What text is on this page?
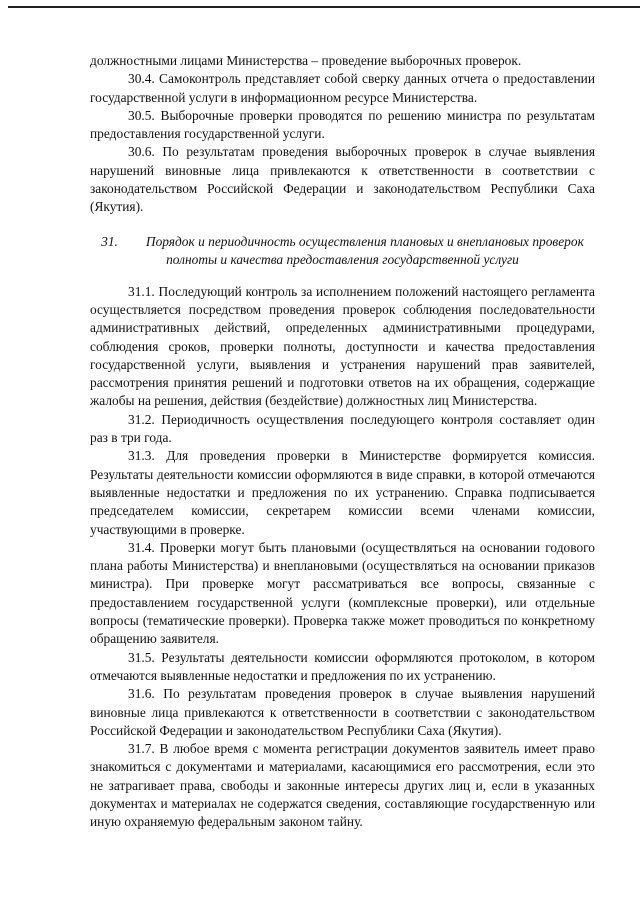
должностными лицами Министерства – проведение выборочных проверок.

30.4. Самоконтроль представляет собой сверку данных отчета о предоставлении государственной услуги в информационном ресурсе Министерства.

30.5. Выборочные проверки проводятся по решению министра по результатам предоставления государственной услуги.

30.6. По результатам проведения выборочных проверок в случае выявления нарушений виновные лица привлекаются к ответственности в соответствии с законодательством Российской Федерации и законодательством Республики Саха (Якутия).

31. Порядок и периодичность осуществления плановых и внеплановых проверок полноты и качества предоставления государственной услуги

31.1. Последующий контроль за исполнением положений настоящего регламента осуществляется посредством проведения проверок соблюдения последовательности административных действий, определенных административными процедурами, соблюдения сроков, проверки полноты, доступности и качества предоставления государственной услуги, выявления и устранения нарушений прав заявителей, рассмотрения принятия решений и подготовки ответов на их обращения, содержащие жалобы на решения, действия (бездействие) должностных лиц Министерства.

31.2. Периодичность осуществления последующего контроля составляет один раз в три года.

31.3. Для проведения проверки в Министерстве формируется комиссия. Результаты деятельности комиссии оформляются в виде справки, в которой отмечаются выявленные недостатки и предложения по их устранению. Справка подписывается председателем комиссии, секретарем комиссии всеми членами комиссии, участвующими в проверке.

31.4. Проверки могут быть плановыми (осуществляться на основании годового плана работы Министерства) и внеплановыми (осуществляться на основании приказов министра). При проверке могут рассматриваться все вопросы, связанные с предоставлением государственной услуги (комплексные проверки), или отдельные вопросы (тематические проверки). Проверка также может проводиться по конкретному обращению заявителя.

31.5. Результаты деятельности комиссии оформляются протоколом, в котором отмечаются выявленные недостатки и предложения по их устранению.

31.6. По результатам проведения проверок в случае выявления нарушений виновные лица привлекаются к ответственности в соответствии с законодательством Российской Федерации и законодательством Республики Саха (Якутия).

31.7. В любое время с момента регистрации документов заявитель имеет право знакомиться с документами и материалами, касающимися его рассмотрения, если это не затрагивает права, свободы и законные интересы других лиц и, если в указанных документах и материалах не содержатся сведения, составляющие государственную или иную охраняемую федеральным законом тайну.
